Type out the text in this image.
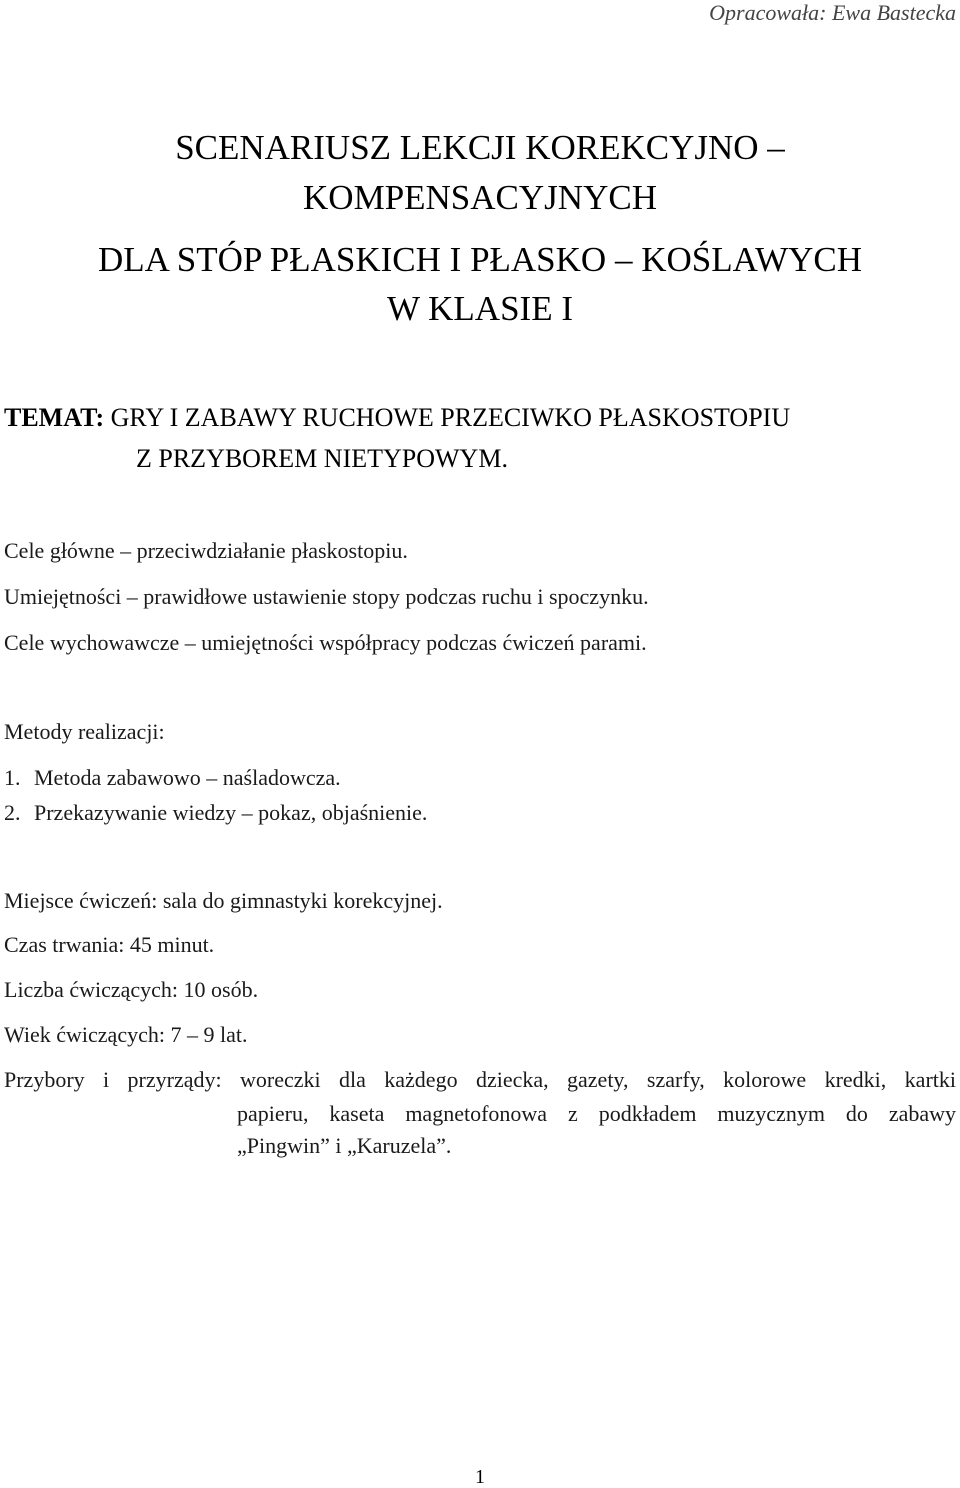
Opracowała: Ewa Bastecka
SCENARIUSZ LEKCJI KOREKCYJNO –
KOMPENSACYJNYCH
DLA STÓP PŁASKICH I PŁASKO – KOŚLAWYCH
W KLASIE I
TEMAT: GRY I ZABAWY RUCHOWE PRZECIWKO PŁASKOSTOPIU
Z PRZYBOREM NIETYPOWYM.
Cele główne – przeciwdziałanie płaskostopiu.
Umiejętności – prawidłowe ustawienie stopy podczas ruchu i spoczynku.
Cele wychowawcze – umiejętności współpracy podczas ćwiczeń parami.
Metody realizacji:
1. Metoda zabawowo – naśladowcza.
2. Przekazywanie wiedzy – pokaz, objaśnienie.
Miejsce ćwiczeń: sala do gimnastyki korekcyjnej.
Czas trwania: 45 minut.
Liczba ćwiczących: 10 osób.
Wiek ćwiczących: 7 – 9 lat.
Przybory i przyrządy: woreczki dla każdego dziecka, gazety, szarfy, kolorowe kredki, kartki
papieru, kaseta magnetofonowa z podkładem muzycznym do zabawy
„Pingwin” i „Karuzela”.
1
